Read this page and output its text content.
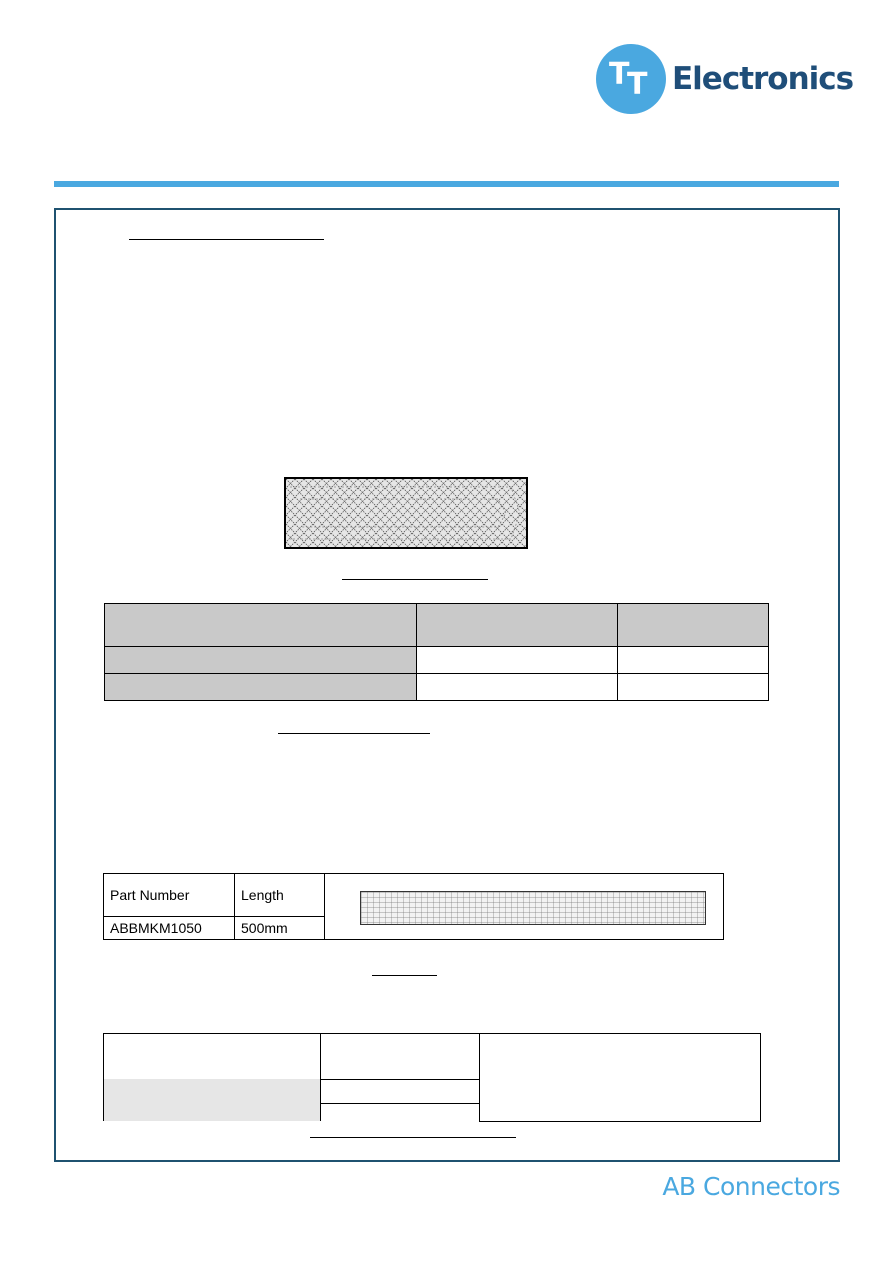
T
T Electronics

Part Number	Length	
ABBMKM1050	500mm	
AB Connectors
